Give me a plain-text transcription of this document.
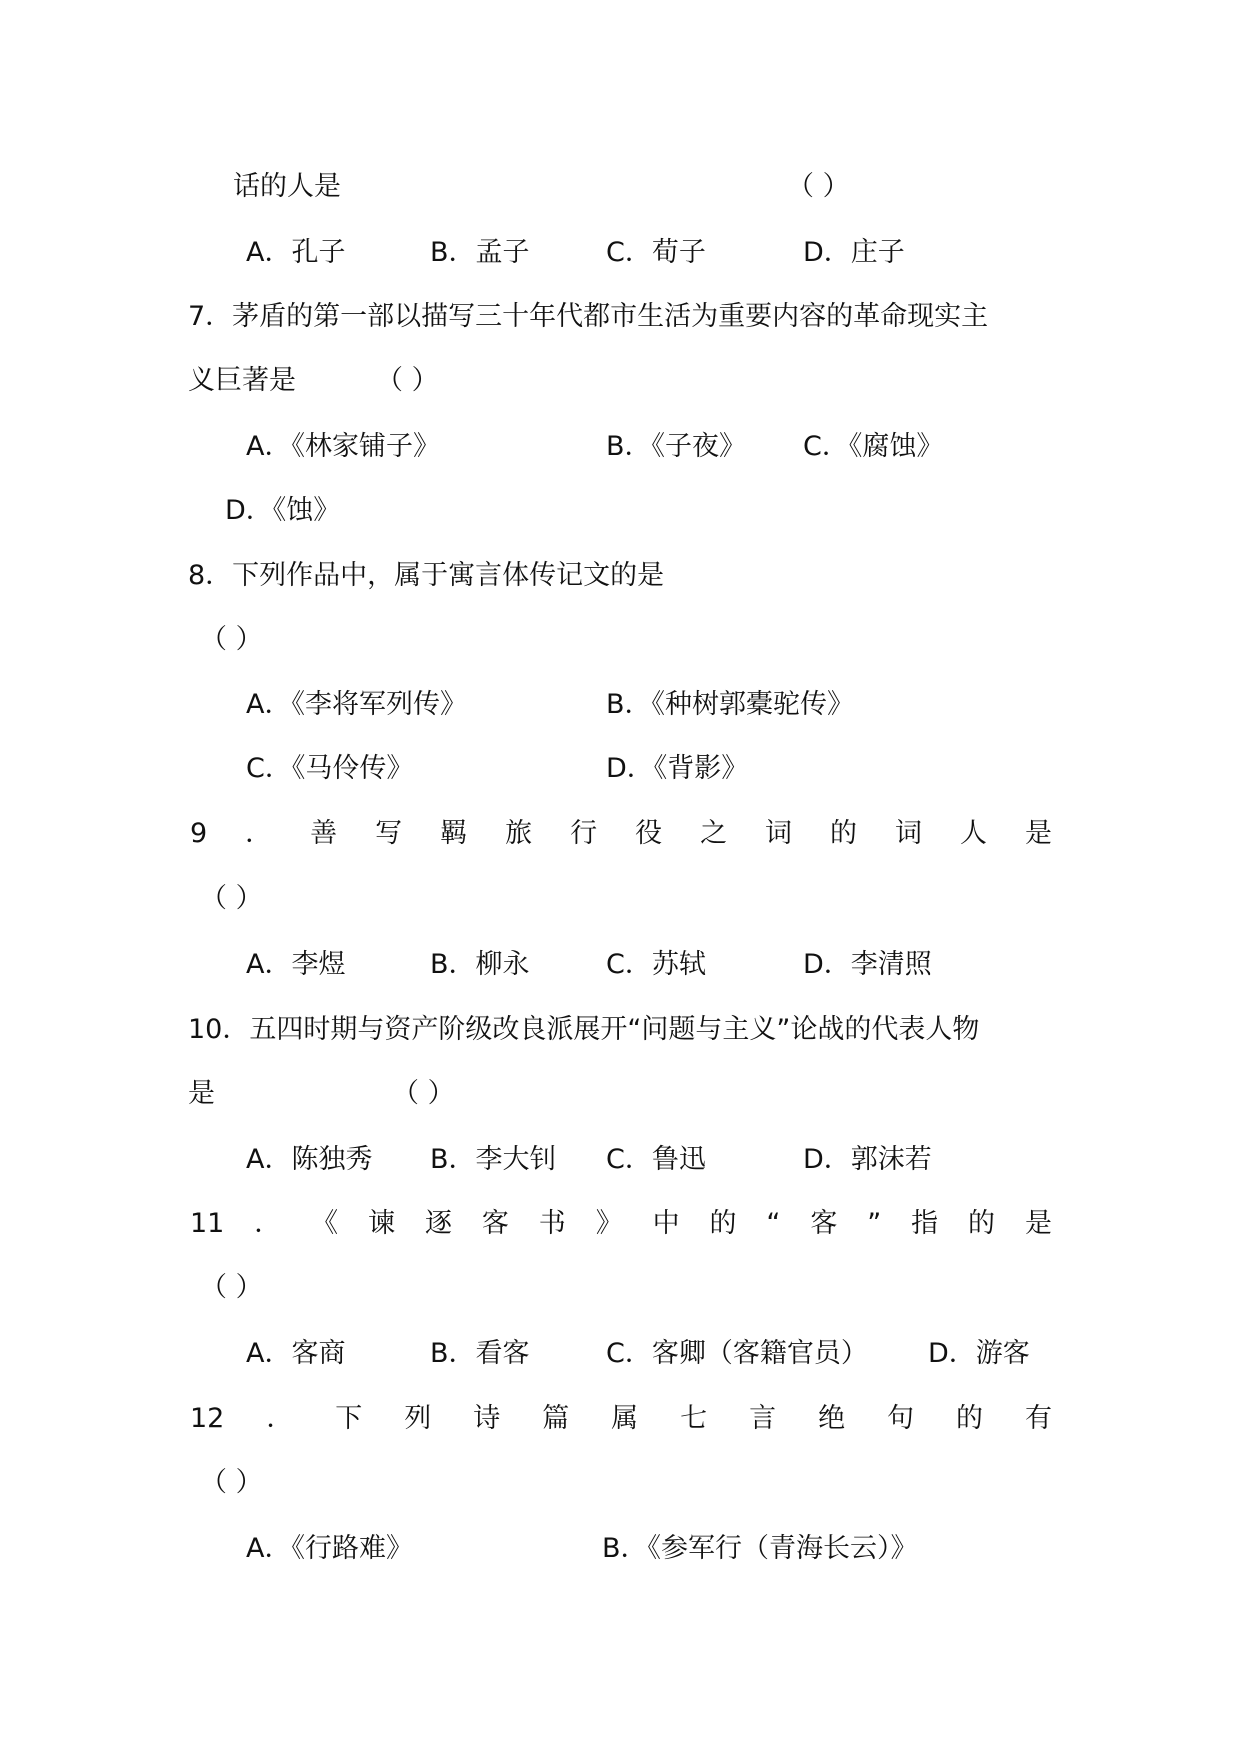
话的人是	（ ）
A．孔子	B．孟子	C．荀子	D．庄子
7．茅盾的第一部以描写三十年代都市生活为重要内容的革命现实主
义巨著是	（ ）
A．《林家铺子》	B．《子夜》 C．《腐蚀》
D．《蚀》
8．下列作品中，属于寓言体传记文的是
（ ）
A．《李将军列传》	B．《种树郭橐驼传》
C．《马伶传》	D．《背影》
9 ． 善 写 羁 旅 行 役 之 词 的 词 人 是
（ ）
A．李煜	B．柳永	C．苏轼	D．李清照
10．五四时期与资产阶级改良派展开“问题与主义”论战的代表人物
是	（ ）
A．陈独秀 B．李大钊 C．鲁迅	D．郭沫若
11 ． 《 谏 逐 客 书 》 中 的 “ 客 ” 指 的 是
（ ）
A．客商	B．看客	C．客卿（客籍官员） D．游客
12 ． 下 列 诗 篇 属 七 言 绝 句 的 有
（ ）
A．《行路难》	B．《参军行（青海长云）》
